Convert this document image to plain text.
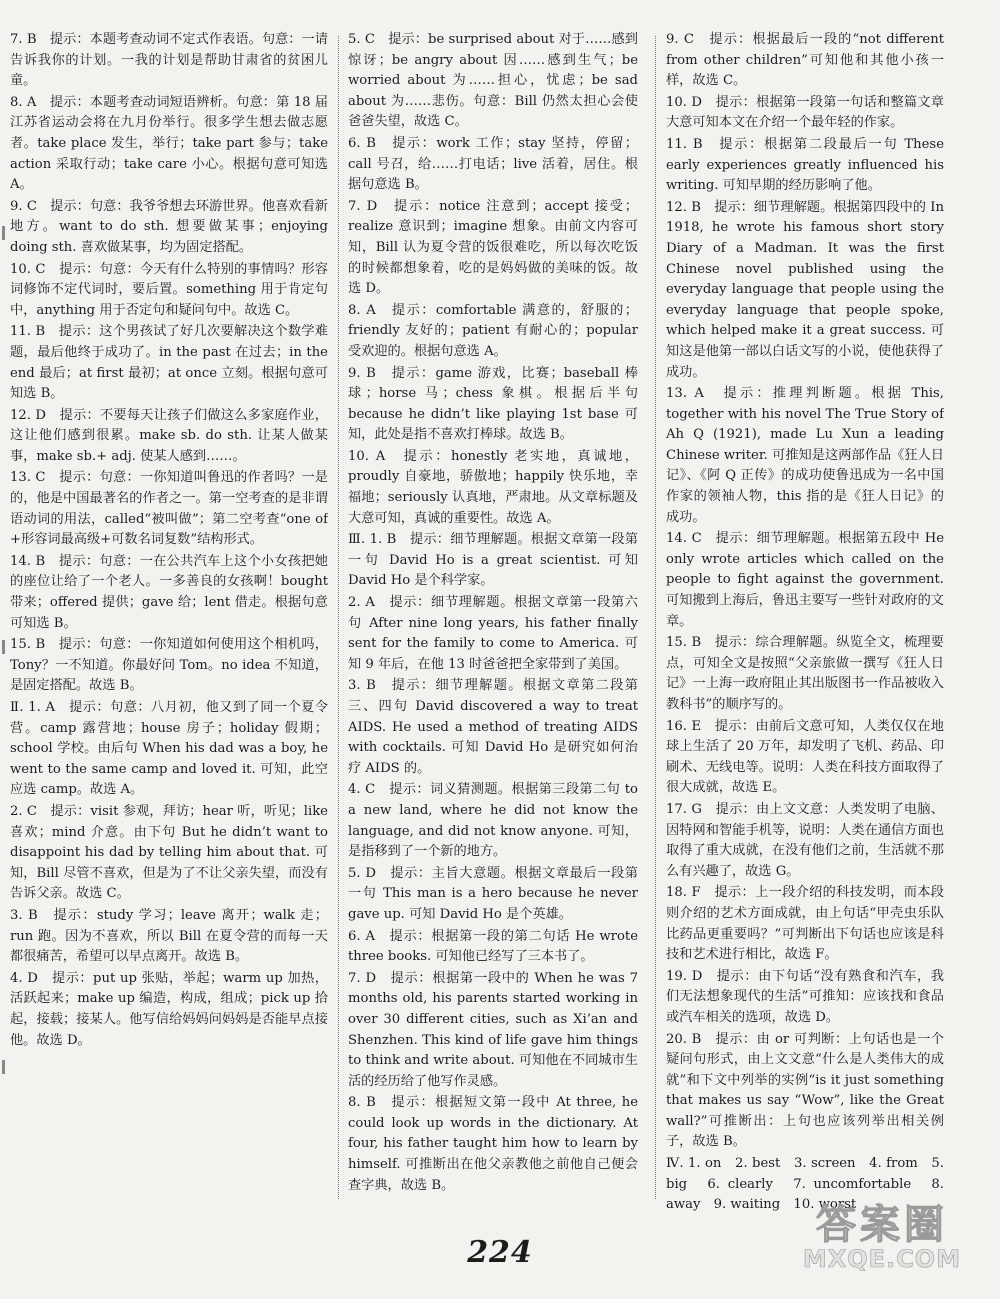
7. B　提示：本题考查动词不定式作表语。句意：一请告诉我你的计划。一我的计划是帮助甘肃省的贫困儿童。

8. A　提示：本题考查动词短语辨析。句意：第 18 届江苏省运动会将在九月份举行。很多学生想去做志愿者。take place 发生，举行；take part 参与；take action 采取行动；take care 小心。根据句意可知选 A。

9. C　提示：句意：我爷爷想去环游世界。他喜欢看新地方。want to do sth. 想要做某事；enjoying doing sth. 喜欢做某事，均为固定搭配。

10. C　提示：句意：今天有什么特别的事情吗？形容词修饰不定代词时，要后置。something 用于肯定句中，anything 用于否定句和疑问句中。故选 C。

11. B　提示：这个男孩试了好几次要解决这个数学难题，最后他终于成功了。in the past 在过去；in the end 最后；at first 最初；at once 立刻。根据句意可知选 B。

12. D　提示：不要每天让孩子们做这么多家庭作业，这让他们感到很累。make sb. do sth. 让某人做某事，make sb.+ adj. 使某人感到……。

13. C　提示：句意：一你知道叫鲁迅的作者吗？一是的，他是中国最著名的作者之一。第一空考查的是非谓语动词的用法，called“被叫做”；第二空考查“one of +形容词最高级+可数名词复数”结构形式。

14. B　提示：句意：一在公共汽车上这个小女孩把她的座位让给了一个老人。一多善良的女孩啊！bought 带来；offered 提供；gave 给；lent 借走。根据句意可知选 B。

15. B　提示：句意：一你知道如何使用这个相机吗，Tony？一不知道。你最好问 Tom。no idea 不知道，是固定搭配。故选 B。

Ⅱ. 1. A　提示：句意：八月初，他又到了同一个夏令营。camp 露营地；house 房子；holiday 假期；school 学校。由后句 When his dad was a boy, he went to the same camp and loved it. 可知，此空应选 camp。故选 A。

2. C　提示：visit 参观，拜访；hear 听，听见；like 喜欢；mind 介意。由下句 But he didn’t want to disappoint his dad by telling him about that. 可知，Bill 尽管不喜欢，但是为了不让父亲失望，而没有告诉父亲。故选 C。

3. B　提示：study 学习；leave 离开；walk 走；run 跑。因为不喜欢，所以 Bill 在夏令营的而每一天都很痛苦，希望可以早点离开。故选 B。

4. D　提示：put up 张贴，举起；warm up 加热，活跃起来；make up 编造，构成，组成；pick up 拾起，接载；接某人。他写信给妈妈问妈妈是否能早点接他。故选 D。

5. C　提示：be surprised about 对于……感到惊讶；be angry about 因……感到生气；be worried about 为……担心，忧虑；be sad about 为……悲伤。句意：Bill 仍然太担心会使爸爸失望，故选 C。

6. B　提示：work 工作；stay 坚持，停留；call 号召，给……打电话；live 活着，居住。根据句意选 B。

7. D　提示：notice 注意到；accept 接受；realize 意识到；imagine 想象。由前文内容可知，Bill 认为夏令营的饭很难吃，所以每次吃饭的时候都想象着，吃的是妈妈做的美味的饭。故选 D。

8. A　提示：comfortable 满意的，舒服的；friendly 友好的；patient 有耐心的；popular 受欢迎的。根据句意选 A。

9. B　提示：game 游戏，比赛；baseball 棒球；horse 马；chess 象棋。根据后半句 because he didn’t like playing 1st base 可知，此处是指不喜欢打棒球。故选 B。

10. A　提示：honestly 老实地，真诚地，proudly 自豪地，骄傲地；happily 快乐地，幸福地；seriously 认真地，严肃地。从文章标题及大意可知，真诚的重要性。故选 A。

Ⅲ. 1. B　提示：细节理解题。根据文章第一段第一句 David Ho is a great scientist. 可知 David Ho 是个科学家。

2. A　提示：细节理解题。根据文章第一段第六句 After nine long years, his father finally sent for the family to come to America. 可知 9 年后，在他 13 时爸爸把全家带到了美国。

3. B　提示：细节理解题。根据文章第二段第三、四句 David discovered a way to treat AIDS. He used a method of treating AIDS with cocktails. 可知 David Ho 是研究如何治疗 AIDS 的。

4. C　提示：词义猜测题。根据第三段第二句 to a new land, where he did not know the language, and did not know anyone. 可知，是指移到了一个新的地方。

5. D　提示：主旨大意题。根据文章最后一段第一句 This man is a hero because he never gave up. 可知 David Ho 是个英雄。

6. A　提示：根据第一段的第二句话 He wrote three books. 可知他已经写了三本书了。

7. D　提示：根据第一段中的 When he was 7 months old, his parents started working in over 30 different cities, such as Xi’an and Shenzhen. This kind of life gave him things to think and write about. 可知他在不同城市生活的经历给了他写作灵感。

8. B　提示：根据短文第一段中 At three, he could look up words in the dictionary. At four, his father taught him how to learn by himself. 可推断出在他父亲教他之前他自己便会查字典，故选 B。

9. C　提示：根据最后一段的“not different from other children”可知他和其他小孩一样，故选 C。

10. D　提示：根据第一段第一句话和整篇文章大意可知本文在介绍一个最年轻的作家。

11. B　提示：根据第二段最后一句 These early experiences greatly influenced his writing. 可知早期的经历影响了他。

12. B　提示：细节理解题。根据第四段中的 In 1918, he wrote his famous short story Diary of a Madman. It was the first Chinese novel published using the everyday language that people using the everyday language that people spoke, which helped make it a great success. 可知这是他第一部以白话文写的小说，使他获得了成功。

13. A　提示：推理判断题。根据 This, together with his novel The True Story of Ah Q (1921), made Lu Xun a leading Chinese writer. 可推知是这两部作品《狂人日记》、《阿 Q 正传》的成功使鲁迅成为一名中国作家的领袖人物，this 指的是《狂人日记》的成功。

14. C　提示：细节理解题。根据第五段中 He only wrote articles which called on the people to fight against the government. 可知搬到上海后，鲁迅主要写一些针对政府的文章。

15. B　提示：综合理解题。纵览全文，梳理要点，可知全文是按照“父亲旅做一撰写《狂人日记》一上海一政府阻止其出版图书一作品被收入教科书”的顺序写的。

16. E　提示：由前后文意可知，人类仅仅在地球上生活了 20 万年，却发明了飞机、药品、印刷术、无线电等。说明：人类在科技方面取得了很大成就，故选 E。

17. G　提示：由上文文意：人类发明了电脑、因特网和智能手机等，说明：人类在通信方面也取得了重大成就，在没有他们之前，生活就不那么有兴趣了，故选 G。

18. F　提示：上一段介绍的科技发明，而本段则介绍的艺术方面成就，由上句话“甲壳虫乐队比药品更重要吗？”可判断出下句话也应该是科技和艺术进行相比，故选 F。

19. D　提示：由下句话“没有熟食和汽车，我们无法想象现代的生活”可推知：应该找和食品或汽车相关的选项，故选 D。

20. B　提示：由 or 可判断：上句话也是一个疑问句形式，由上文文意“什么是人类伟大的成就”和下文中列举的实例“is it just something that makes us say “Wow”, like the Great wall?”可推断出：上句也应该列举出相关例子，故选 B。

Ⅳ. 1. on　2. best　3. screen　4. from　5. big　6. clearly　7. uncomfortable　8. away　9. waiting　10. worst

224
答案圈
MXQE.COM
